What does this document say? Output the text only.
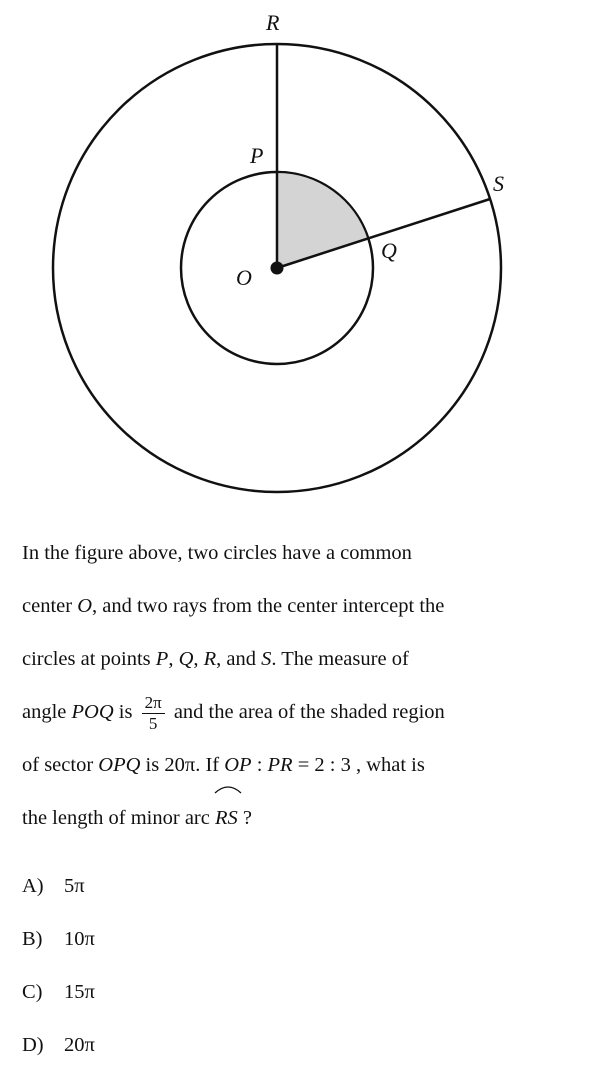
R
P
S
Q
O
In the figure above, two circles have a common
center O, and two rays from the center intercept the
circles at points P, Q, R, and S. The measure of
angle POQ is $\frac{2\pi}{5}$ and the area of the shaded region
of sector OPQ is 20π. If OP : PR = 2 : 3 , what is
the length of minor arc
RS ?
A) 5π
B) 10π
C) 15π
D) 20π
